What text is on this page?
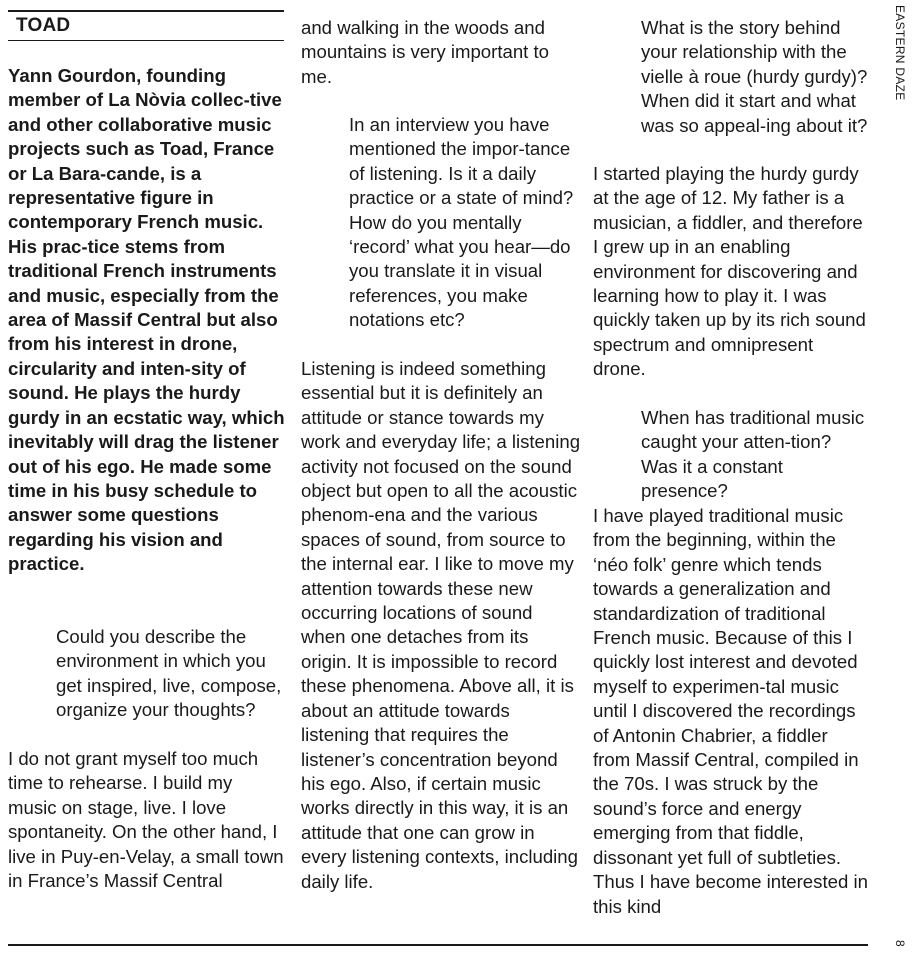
TOAD

Yann Gourdon, founding member of La Nòvia collec-tive and other collaborative music projects such as Toad, France or La Bara-cande, is a representative figure in contemporary French music. His prac-tice stems from traditional French instruments and music, especially from the area of Massif Central but also from his interest in drone, circularity and inten-sity of sound. He plays the hurdy gurdy in an ecstatic way, which inevitably will drag the listener out of his ego. He made some time in his busy schedule to answer some questions regarding his vision and practice.

Could you describe the environment in which you get inspired, live, compose, organize your thoughts?

I do not grant myself too much time to rehearse. I build my music on stage, live. I love spontaneity. On the other hand, I live in Puy-en-Velay, a small town in France’s Massif Central

and walking in the woods and mountains is very important to me.

In an interview you have mentioned the impor-tance of listening. Is it a daily practice or a state of mind? How do you mentally ‘record’ what you hear—do you translate it in visual references, you make notations etc?

Listening is indeed something essential but it is definitely an attitude or stance towards my work and everyday life; a listening activity not focused on the sound object but open to all the acoustic phenom-ena and the various spaces of sound, from source to the internal ear. I like to move my attention towards these new occurring locations of sound when one detaches from its origin. It is impossible to record these phenomena. Above all, it is about an attitude towards listening that requires the listener’s concentration beyond his ego. Also, if certain music works directly in this way, it is an attitude that one can grow in every listening contexts, including daily life.

What is the story behind your relationship with the vielle à roue (hurdy gurdy)? When did it start and what was so appeal-ing about it?

I started playing the hurdy gurdy at the age of 12. My father is a musician, a fiddler, and therefore I grew up in an enabling environment for discovering and learning how to play it. I was quickly taken up by its rich sound spectrum and omnipresent drone.

When has traditional music caught your atten-tion? Was it a constant presence?

I have played traditional music from the beginning, within the ‘néo folk’ genre which tends towards a generalization and standardization of traditional French music. Because of this I quickly lost interest and devoted myself to experimen-tal music until I discovered the recordings of Antonin Chabrier, a fiddler from Massif Central, compiled in the 70s. I was struck by the sound’s force and energy emerging from that fiddle, dissonant yet full of subtleties. Thus I have become interested in this kind

EASTERN DAZE
8
